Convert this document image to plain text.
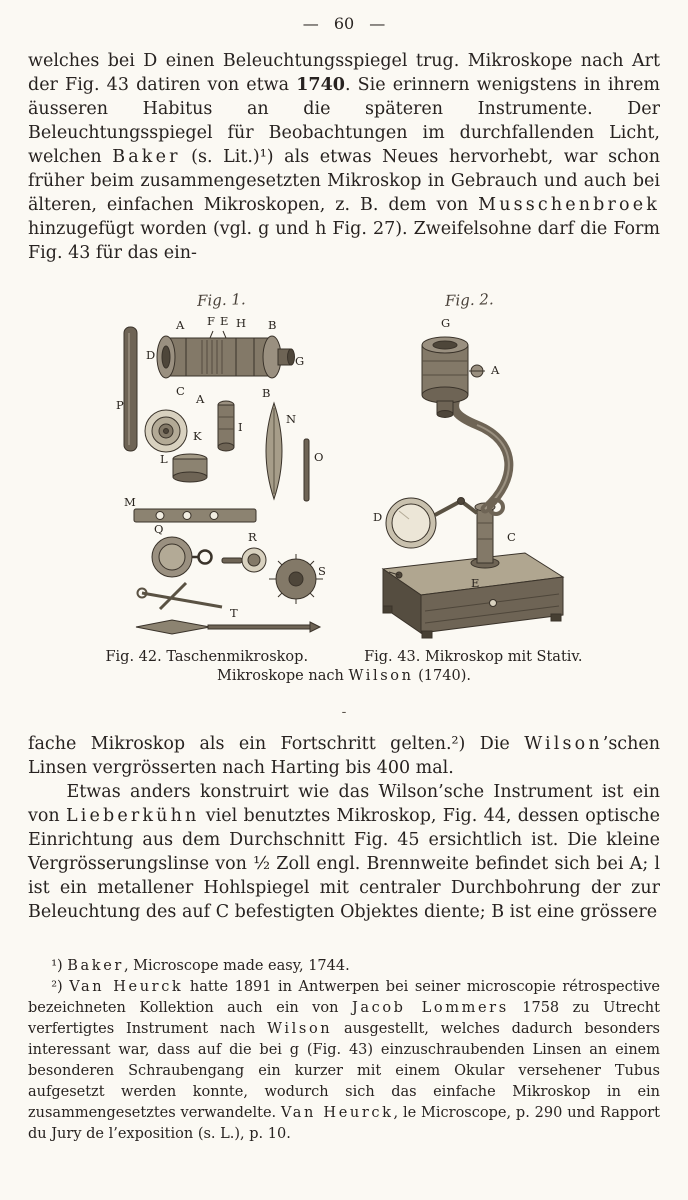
— 60 —

welches bei D einen Beleuchtungsspiegel trug. Mikroskope nach Art der Fig. 43 datiren von etwa 1740. Sie erinnern wenigstens in ihrem äusseren Habitus an die späteren Instrumente. Der Beleuchtungsspiegel für Beobachtungen im durchfallenden Licht, welchen Baker (s. Lit.)¹) als etwas Neues hervorhebt, war schon früher beim zusammengesetzten Mikroskop in Gebrauch und auch bei älteren, einfachen Mikroskopen, z. B. dem von Musschenbroek hinzugefügt worden (vgl. g und h Fig. 27). Zweifelsohne darf die Form Fig. 43 für das ein-

Fig. 1.
A F E H B
D	G
C
A
P
K
I
B
N
O
L
M
Q
R
S
T
Fig. 2.
G
A
D
C
E
Fig. 42. Taschenmikroskop.	Fig. 43. Mikroskop mit Stativ.
Mikroskope nach Wilson (1740).
-

fache Mikroskop als ein Fortschritt gelten.²) Die Wilson’schen Linsen vergrösserten nach Harting bis 400 mal.

Etwas anders konstruirt wie das Wilson’sche Instrument ist ein von Lieberkühn viel benutztes Mikroskop, Fig. 44, dessen optische Einrichtung aus dem Durchschnitt Fig. 45 ersichtlich ist. Die kleine Vergrösserungslinse von ½ Zoll engl. Brennweite befindet sich bei A; l ist ein metallener Hohlspiegel mit centraler Durchbohrung der zur Beleuchtung des auf C befestigten Objektes diente; B ist eine grössere

¹) Baker, Microscope made easy, 1744.

²) Van Heurck hatte 1891 in Antwerpen bei seiner microscopie rétrospective bezeichneten Kollektion auch ein von Jacob Lommers 1758 zu Utrecht verfertigtes Instrument nach Wilson ausgestellt, welches dadurch besonders interessant war, dass auf die bei g (Fig. 43) einzuschraubenden Linsen an einem besonderen Schraubengang ein kurzer mit einem Okular versehener Tubus aufgesetzt werden konnte, wodurch sich das einfache Mikroskop in ein zusammengesetztes verwandelte. Van Heurck, le Microscope, p. 290 und Rapport du Jury de l’exposition (s. L.), p. 10.
